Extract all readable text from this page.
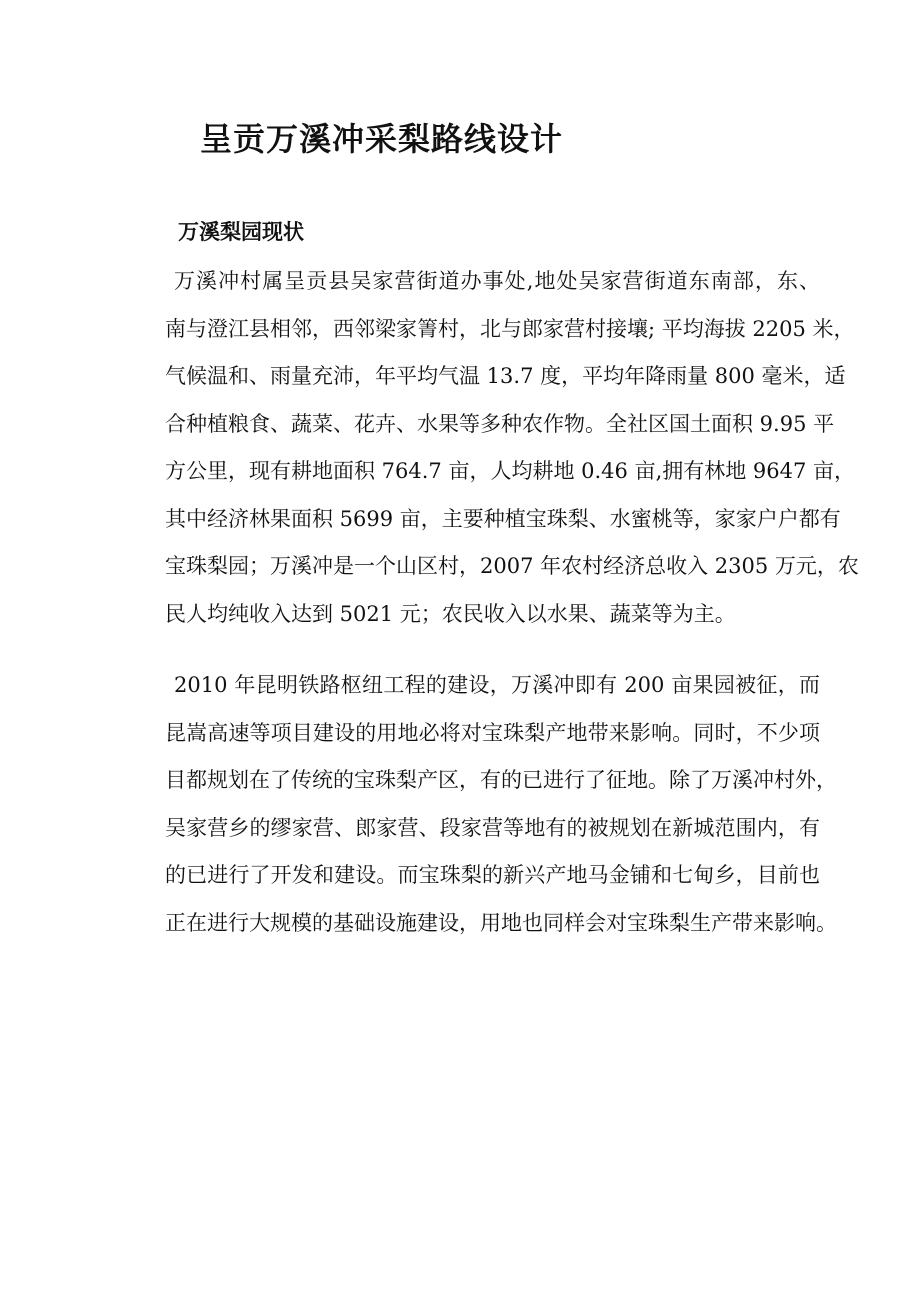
呈贡万溪冲采梨路线设计
万溪梨园现状
万溪冲村属呈贡县吴家营街道办事处,地处吴家营街道东南部，东、
南与澄江县相邻，西邻梁家箐村，北与郎家营村接壤; 平均海拔 2205 米，
气候温和、雨量充沛，年平均气温 13.7 度，平均年降雨量 800 毫米，适
合种植粮食、蔬菜、花卉、水果等多种农作物。全社区国土面积 9.95 平
方公里，现有耕地面积 764.7 亩，人均耕地 0.46 亩,拥有林地 9647 亩，
其中经济林果面积 5699 亩，主要种植宝珠梨、水蜜桃等，家家户户都有
宝珠梨园；万溪冲是一个山区村，2007 年农村经济总收入 2305 万元，农
民人均纯收入达到 5021 元；农民收入以水果、蔬菜等为主。
2010 年昆明铁路枢纽工程的建设，万溪冲即有 200 亩果园被征，而
昆嵩高速等项目建设的用地必将对宝珠梨产地带来影响。同时，不少项
目都规划在了传统的宝珠梨产区，有的已进行了征地。除了万溪冲村外，
吴家营乡的缪家营、郎家营、段家营等地有的被规划在新城范围内，有
的已进行了开发和建设。而宝珠梨的新兴产地马金铺和七甸乡，目前也
正在进行大规模的基础设施建设，用地也同样会对宝珠梨生产带来影响。
